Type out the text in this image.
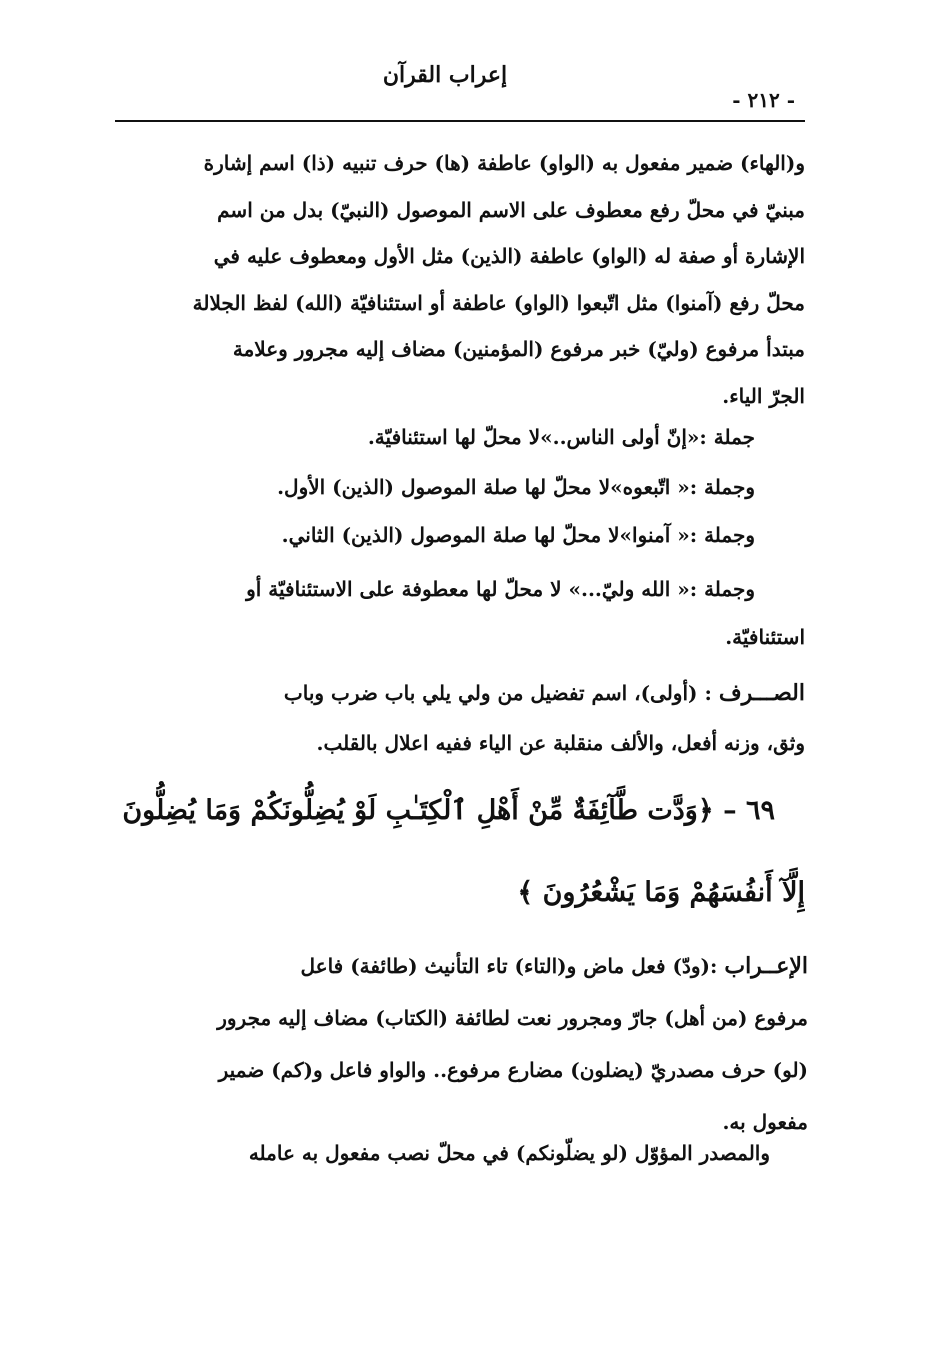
إعراب القرآن
- ٢١٢ -
و(الهاء) ضمير مفعول به (الواو) عاطفة (ها) حرف تنبيه (ذا) اسم إشارة
مبنيّ في محلّ رفع معطوف على الاسم الموصول (النبيّ) بدل من اسم
الإشارة أو صفة له (الواو) عاطفة (الذين) مثل الأول ومعطوف عليه في
محلّ رفع (آمنوا) مثل اتّبعوا (الواو) عاطفة أو استئنافيّة (الله) لفظ الجلالة
مبتدأ مرفوع (وليّ) خبر مرفوع (المؤمنين) مضاف إليه مجرور وعلامة
الجرّ الياء.
جملة :«إنّ أولى الناس..»لا محلّ لها استئنافيّة.
وجملة :« اتّبعوه»لا محلّ لها صلة الموصول (الذين) الأول.
وجملة :« آمنوا»لا محلّ لها صلة الموصول (الذين) الثاني.
وجملة :« الله وليّ...» لا محلّ لها معطوفة على الاستئنافيّة أو
استئنافيّة.
الصـــرف : (أولى)، اسم تفضيل من ولي يلي باب ضرب وباب
وثق، وزنه أفعل، والألف منقلبة عن الياء ففيه اعلال بالقلب.
٦٩ – ﴿وَدَّت طَّآئِفَةٌ مِّنْ أَهْلِ ٱلْكِتَـٰبِ لَوْ يُضِلُّونَكُمْ وَمَا يُضِلُّونَ
إِلَّآ أَنفُسَهُمْ وَمَا يَشْعُرُونَ ﴾
الإعــراب :(ودّ) فعل ماض و(التاء) تاء التأنيث (طائفة) فاعل
مرفوع (من أهل) جارّ ومجرور نعت لطائفة (الكتاب) مضاف إليه مجرور
(لو) حرف مصدريّ (يضلون) مضارع مرفوع.. والواو فاعل و(كم) ضمير
مفعول به.
والمصدر المؤوّل (لو يضلّونكم) في محلّ نصب مفعول به عامله
